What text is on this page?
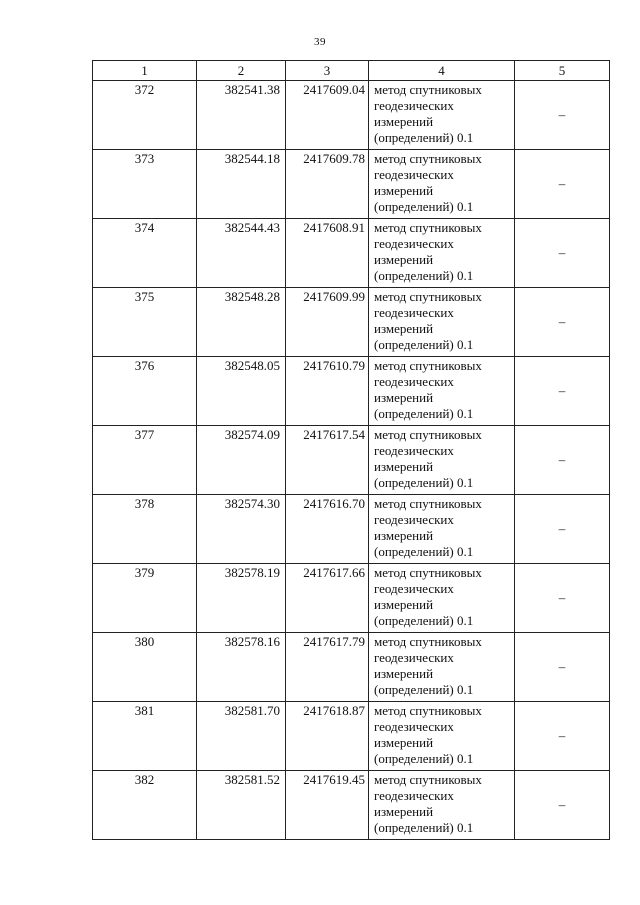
39
1	2	3	4	5
372	382541.38	2417609.04	метод спутниковых
геодезических
измерений
(определений) 0.1	–
373	382544.18	2417609.78	метод спутниковых
геодезических
измерений
(определений) 0.1	–
374	382544.43	2417608.91	метод спутниковых
геодезических
измерений
(определений) 0.1	–
375	382548.28	2417609.99	метод спутниковых
геодезических
измерений
(определений) 0.1	–
376	382548.05	2417610.79	метод спутниковых
геодезических
измерений
(определений) 0.1	–
377	382574.09	2417617.54	метод спутниковых
геодезических
измерений
(определений) 0.1	–
378	382574.30	2417616.70	метод спутниковых
геодезических
измерений
(определений) 0.1	–
379	382578.19	2417617.66	метод спутниковых
геодезических
измерений
(определений) 0.1	–
380	382578.16	2417617.79	метод спутниковых
геодезических
измерений
(определений) 0.1	–
381	382581.70	2417618.87	метод спутниковых
геодезических
измерений
(определений) 0.1	–
382	382581.52	2417619.45	метод спутниковых
геодезических
измерений
(определений) 0.1	–
